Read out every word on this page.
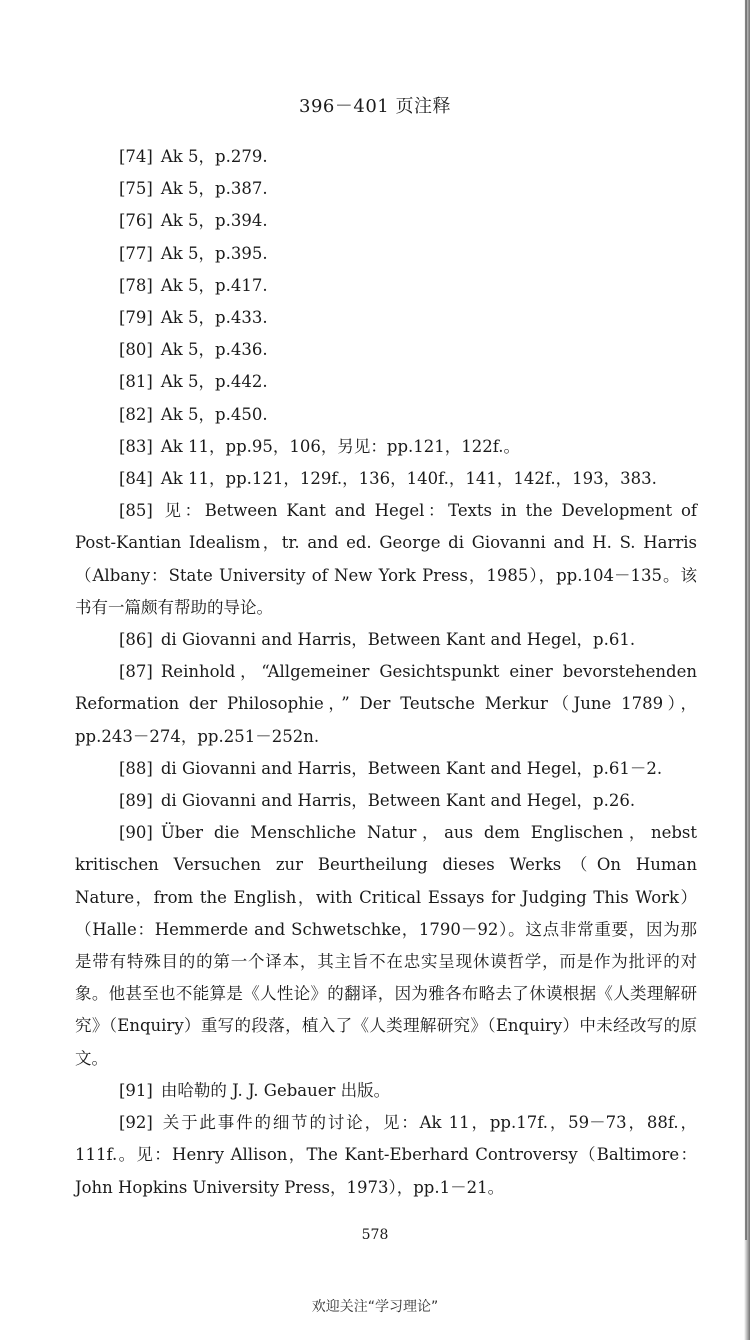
396－401 页注释

[74] Ak 5，p.279.

[75] Ak 5，p.387.

[76] Ak 5，p.394.

[77] Ak 5，p.395.

[78] Ak 5，p.417.

[79] Ak 5，p.433.

[80] Ak 5，p.436.

[81] Ak 5，p.442.

[82] Ak 5，p.450.

[83] Ak 11，pp.95，106，另见：pp.121，122f.。

[84] Ak 11，pp.121，129f.，136，140f.，141，142f.，193，383.

[85] 见：Between Kant and Hegel：Texts in the Development of Post-Kantian Idealism，tr. and ed. George di Giovanni and H. S. Harris（Albany：State University of New York Press，1985），pp.104－135。该书有一篇颇有帮助的导论。

[86] di Giovanni and Harris，Between Kant and Hegel，p.61.

[87] Reinhold，“Allgemeiner Gesichtspunkt einer bevorstehenden Reformation der Philosophie，” Der Teutsche Merkur（June 1789），pp.243－274，pp.251－252n.

[88] di Giovanni and Harris，Between Kant and Hegel，p.61－2.

[89] di Giovanni and Harris，Between Kant and Hegel，p.26.

[90] Über die Menschliche Natur，aus dem Englischen，nebst kritischen Versuchen zur Beurtheilung dieses Werks（On Human Nature，from the English，with Critical Essays for Judging This Work）（Halle：Hemmerde and Schwetschke，1790－92）。这点非常重要，因为那是带有特殊目的的第一个译本，其主旨不在忠实呈现休谟哲学，而是作为批评的对象。他甚至也不能算是《人性论》的翻译，因为雅各布略去了休谟根据《人类理解研究》（Enquiry）重写的段落，植入了《人类理解研究》（Enquiry）中未经改写的原文。

[91] 由哈勒的 J. J. Gebauer 出版。

[92] 关于此事件的细节的讨论，见：Ak 11，pp.17f.，59－73，88f.，111f.。见：Henry Allison，The Kant-Eberhard Controversy（Baltimore：John Hopkins University Press，1973），pp.1－21。

578
欢迎关注“学习理论”
